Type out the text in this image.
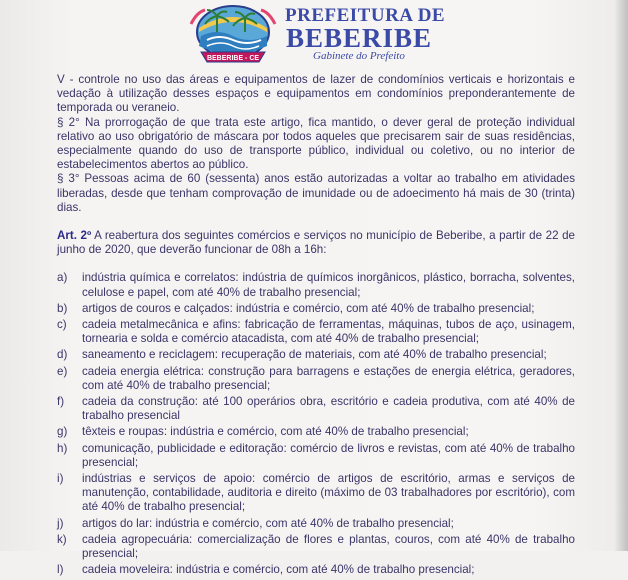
BEBERIBE - CE
PREFEITURA DE
BEBERIBE
Gabinete do Prefeito

V - controle no uso das áreas e equipamentos de lazer de condomínios verticais e horizontais e vedação à utilização desses espaços e equipamentos em condomínios preponderantemente de temporada ou veraneio.

§ 2° Na prorrogação de que trata este artigo, fica mantido, o dever geral de proteção individual relativo ao uso obrigatório de máscara por todos aqueles que precisarem sair de suas residências, especialmente quando do uso de transporte público, individual ou coletivo, ou no interior de estabelecimentos abertos ao público.

§ 3° Pessoas acima de 60 (sessenta) anos estão autorizadas a voltar ao trabalho em atividades liberadas, desde que tenham comprovação de imunidade ou de adoecimento há mais de 30 (trinta) dias.

Art. 2º A reabertura dos seguintes comércios e serviços no município de Beberibe, a partir de 22 de junho de 2020, que deverão funcionar de 08h a 16h:

a) indústria química e correlatos: indústria de químicos inorgânicos, plástico, borracha, solventes, celulose e papel, com até 40% de trabalho presencial;
b) artigos de couros e calçados: indústria e comércio, com até 40% de trabalho presencial;
c) cadeia metalmecânica e afins: fabricação de ferramentas, máquinas, tubos de aço, usinagem, tornearia e solda e comércio atacadista, com até 40% de trabalho presencial;
d) saneamento e reciclagem: recuperação de materiais, com até 40% de trabalho presencial;
e) cadeia energia elétrica: construção para barragens e estações de energia elétrica, geradores, com até 40% de trabalho presencial;
f) cadeia da construção: até 100 operários obra, escritório e cadeia produtiva, com até 40% de trabalho presencial
g) têxteis e roupas: indústria e comércio, com até 40% de trabalho presencial;
h) comunicação, publicidade e editoração: comércio de livros e revistas, com até 40% de trabalho presencial;
i) indústrias e serviços de apoio: comércio de artigos de escritório, armas e serviços de manutenção, contabilidade, auditoria e direito (máximo de 03 trabalhadores por escritório), com até 40% de trabalho presencial;
j) artigos do lar: indústria e comércio, com até 40% de trabalho presencial;
k) cadeia agropecuária: comercialização de flores e plantas, couros, com até 40% de trabalho presencial;
l) cadeia moveleira: indústria e comércio, com até 40% de trabalho presencial;
